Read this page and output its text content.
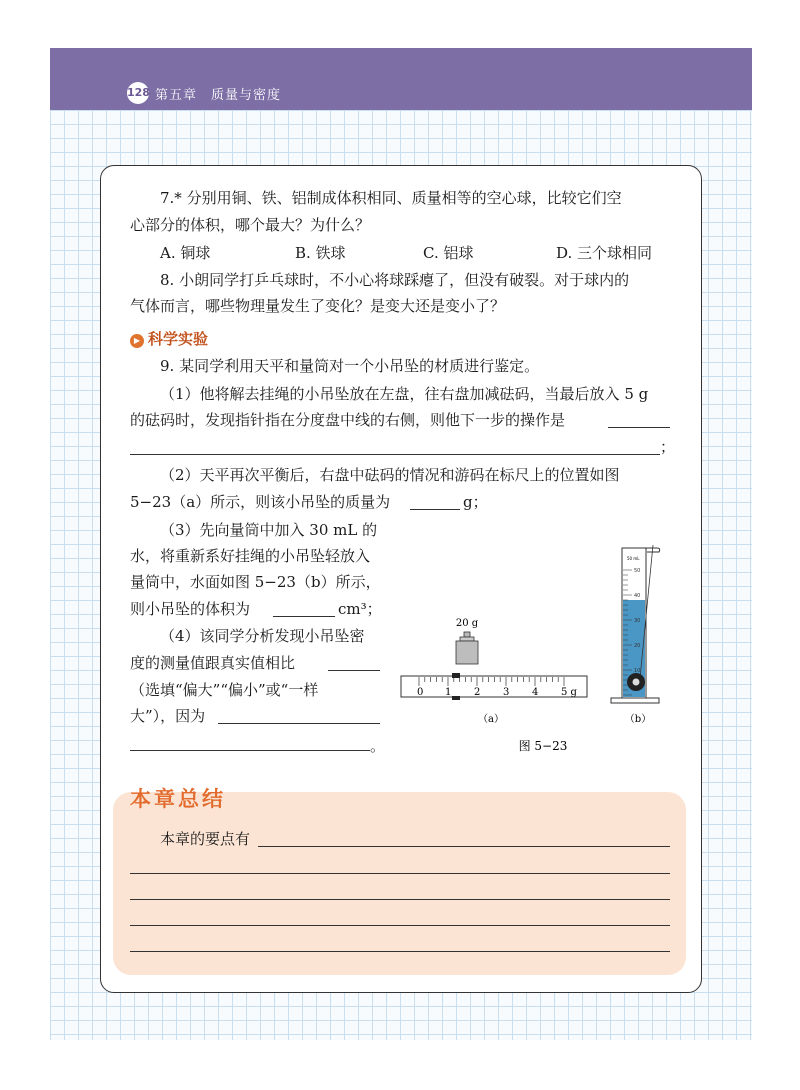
128 第五章　质量与密度
7.* 分别用铜、铁、铝制成体积相同、质量相等的空心球，比较它们空
心部分的体积，哪个最大？为什么？
A. 铜球	B. 铁球	C. 铝球	D. 三个球相同
8. 小朗同学打乒乓球时，不小心将球踩瘪了，但没有破裂。对于球内的
气体而言，哪些物理量发生了变化？是变大还是变小了？
▶ 科学实验
9. 某同学利用天平和量筒对一个小吊坠的材质进行鉴定。
（1）他将解去挂绳的小吊坠放在左盘，往右盘加减砝码，当最后放入 5 g
的砝码时，发现指针指在分度盘中线的右侧，则他下一步的操作是
；
（2）天平再次平衡后，右盘中砝码的情况和游码在标尺上的位置如图
5−23（a）所示，则该小吊坠的质量为	g；
（3）先向量筒中加入 30 mL 的
水，将重新系好挂绳的小吊坠轻放入
量筒中，水面如图 5−23（b）所示，
则小吊坠的体积为	cm³；
（4）该同学分析发现小吊坠密
度的测量值跟真实值相比
（选填“偏大”“偏小”或“一样
大”），因为
。
20 g
0 1 2 3 4 5 g
（a）
50 mL
50
40
30
20
10
（b）
图 5−23
本章总结
本章的要点有
